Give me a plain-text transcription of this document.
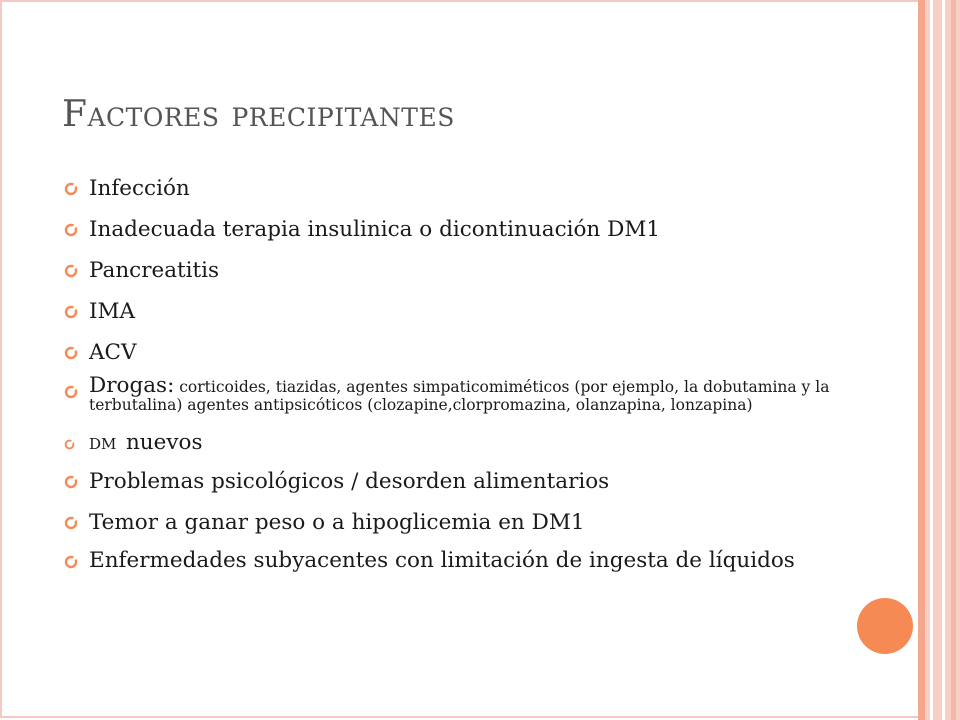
Factores precipitantes
Infección
Inadecuada terapia insulinica o dicontinuación DM1
Pancreatitis
IMA
ACV
Drogas: corticoides, tiazidas, agentes simpaticomiméticos (por ejemplo, la dobutamina y la terbutalina) agentes antipsicóticos (clozapine,clorpromazina, olanzapina, lonzapina)
DM nuevos
Problemas psicológicos / desorden alimentarios
Temor a ganar peso o a hipoglicemia en DM1
Enfermedades subyacentes con limitación de ingesta de líquidos
